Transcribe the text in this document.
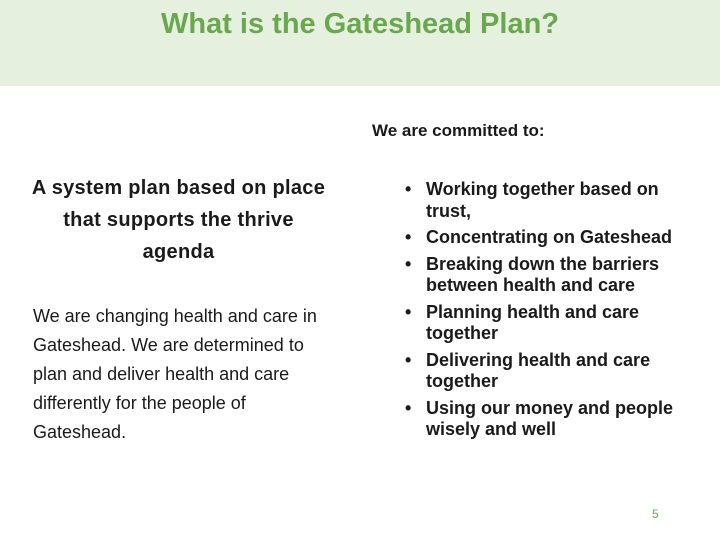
What is the Gateshead Plan?
A system plan based on place that supports the thrive agenda
We are changing health and care in Gateshead. We are determined to plan and deliver health and care differently for the people of Gateshead.
We are committed to:
• Working together based on trust,
• Concentrating on Gateshead
• Breaking down the barriers between health and care
• Planning health and care together
• Delivering health and care together
• Using our money and people wisely and well
5
